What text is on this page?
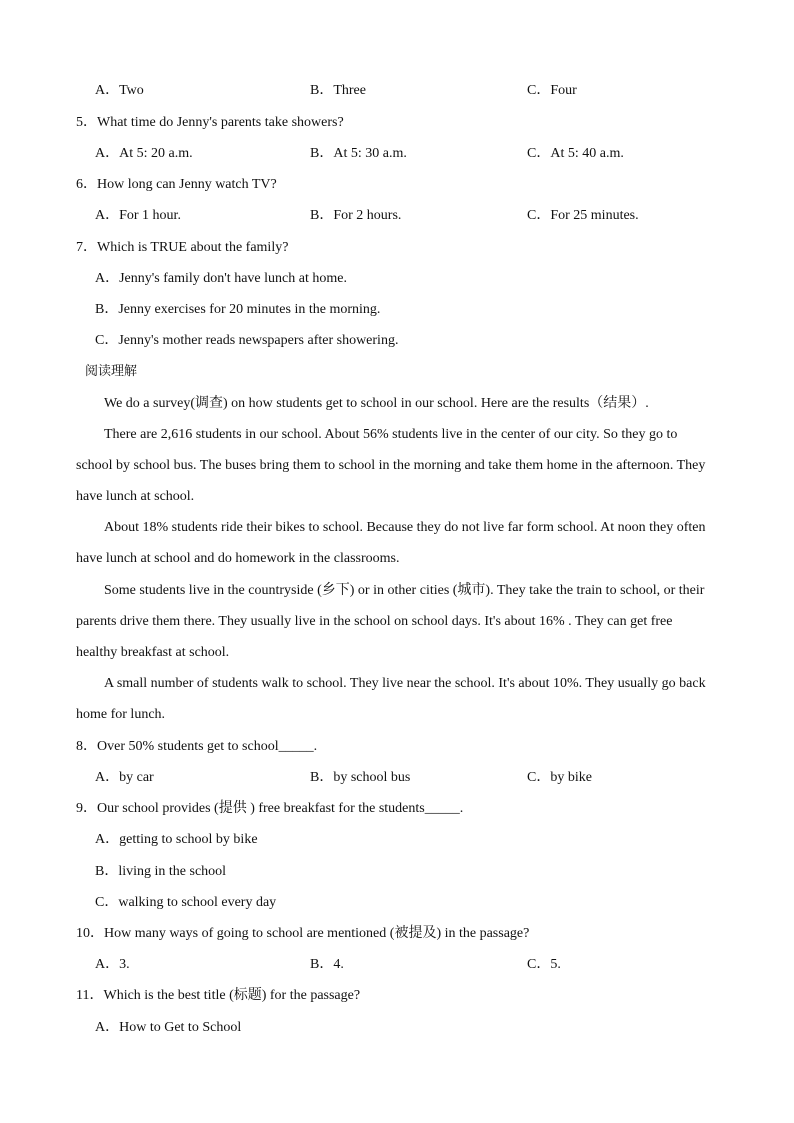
A．Two	B．Three	C．Four
5．What time do Jenny's parents take showers?
A．At 5: 20 a.m.	B．At 5: 30 a.m.	C．At 5: 40 a.m.
6．How long can Jenny watch TV?
A．For 1 hour.	B．For 2 hours.	C．For 25 minutes.
7．Which is TRUE about the family?
A．Jenny's family don't have lunch at home.
B．Jenny exercises for 20 minutes in the morning.
C．Jenny's mother reads newspapers after showering.
阅读理解
We do a survey(调查) on how students get to school in our school. Here are the results（结果）.
There are 2,616 students in our school. About 56% students live in the center of our city. So they go to
school by school bus. The buses bring them to school in the morning and take them home in the afternoon. They
have lunch at school.
About 18% students ride their bikes to school. Because they do not live far form school. At noon they often
have lunch at school and do homework in the classrooms.
Some students live in the countryside (乡下) or in other cities (城市). They take the train to school, or their
parents drive them there. They usually live in the school on school days. It's about 16% . They can get free
healthy breakfast at school.
A small number of students walk to school. They live near the school. It's about 10%. They usually go back
home for lunch.
8．Over 50% students get to school_____.
A．by car	B．by school bus	C．by bike
9．Our school provides (提供 ) free breakfast for the students_____.
A．getting to school by bike
B．living in the school
C．walking to school every day
10．How many ways of going to school are mentioned (被提及) in the passage?
A．3.	B．4.	C．5.
11．Which is the best title (标题) for the passage?
A．How to Get to School
